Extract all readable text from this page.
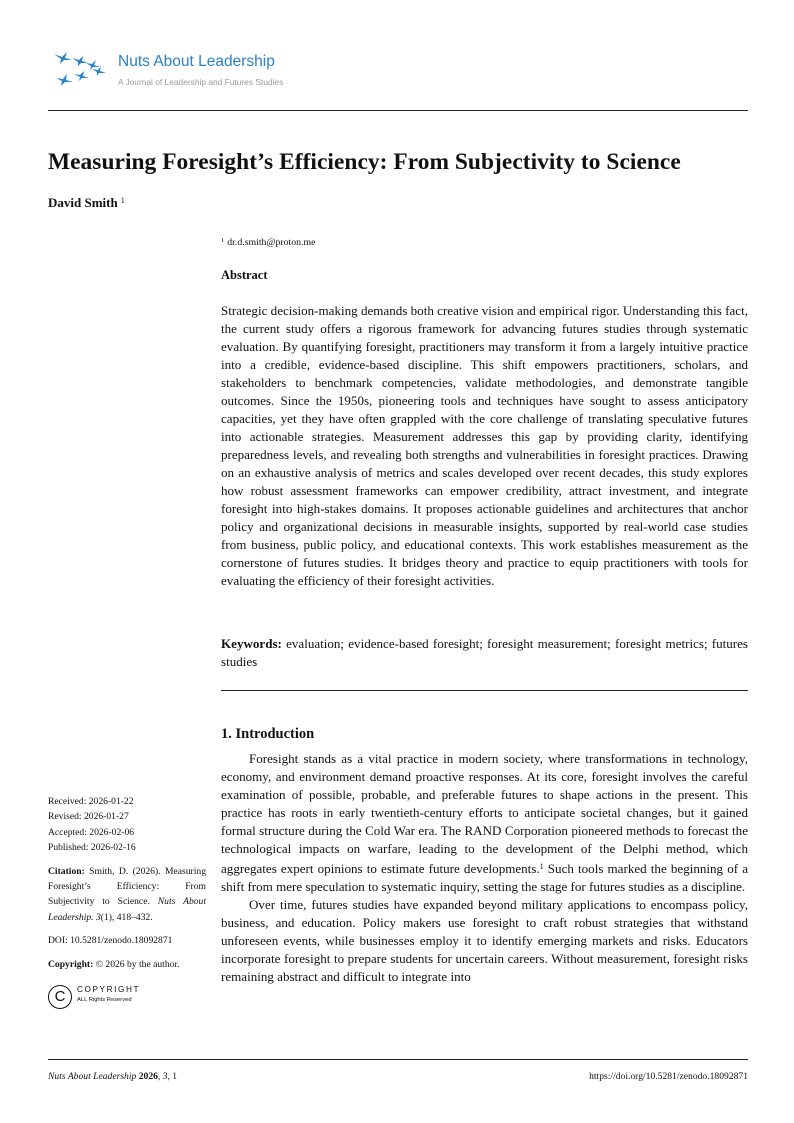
Nuts About Leadership
A Journal of Leadership and Futures Studies
Measuring Foresight’s Efficiency: From Subjectivity to Science
David Smith $^1$
$^1$ dr.d.smith@proton.me
Abstract

Strategic decision-making demands both creative vision and empirical rigor. Understanding this fact, the current study offers a rigorous framework for advancing futures studies through systematic evaluation. By quantifying foresight, practitioners may transform it from a largely intuitive practice into a credible, evidence-based discipline. This shift empowers practitioners, scholars, and stakeholders to benchmark competencies, validate methodologies, and demonstrate tangible outcomes. Since the 1950s, pioneering tools and techniques have sought to assess anticipatory capacities, yet they have often grappled with the core challenge of translating speculative futures into actionable strategies. Measurement addresses this gap by providing clarity, identifying preparedness levels, and revealing both strengths and vulnerabilities in foresight practices. Drawing on an exhaustive analysis of metrics and scales developed over recent decades, this study explores how robust assessment frameworks can empower credibility, attract investment, and integrate foresight into high-stakes domains. It proposes actionable guidelines and architectures that anchor policy and organizational decisions in measurable insights, supported by real-world case studies from business, public policy, and educational contexts. This work establishes measurement as the cornerstone of futures studies. It bridges theory and practice to equip practitioners with tools for evaluating the efficiency of their foresight activities.

Keywords: evaluation; evidence-based foresight; foresight measurement; foresight metrics; futures studies

1. Introduction

Foresight stands as a vital practice in modern society, where transformations in technology, economy, and environment demand proactive responses. At its core, foresight involves the careful examination of possible, probable, and preferable futures to shape actions in the present. This practice has roots in early twentieth-century efforts to anticipate societal changes, but it gained formal structure during the Cold War era. The RAND Corporation pioneered methods to forecast the technological impacts on warfare, leading to the development of the Delphi method, which aggregates expert opinions to estimate future developments.$^1$ Such tools marked the beginning of a shift from mere speculation to systematic inquiry, setting the stage for futures studies as a discipline.

Over time, futures studies have expanded beyond military applications to encompass policy, business, and education. Policy makers use foresight to craft robust strategies that withstand unforeseen events, while businesses employ it to identify emerging markets and risks. Educators incorporate foresight to prepare students for uncertain careers. Without measurement, foresight risks remaining abstract and difficult to integrate into

Received: 2026-01-22
Revised: 2026-01-27
Accepted: 2026-02-06
Published: 2026-02-16
Citation: Smith, D. (2026). Measuring Foresight’s Efficiency: From Subjectivity to Science. Nuts About Leadership. 3(1), 418–432.
DOI: 10.5281/zenodo.18092871
Copyright: © 2026 by the author.
C	COPYRIGHT
ALL Rights Reserved
Nuts About Leadership 2026, 3, 1	https://doi.org/10.5281/zenodo.18092871
